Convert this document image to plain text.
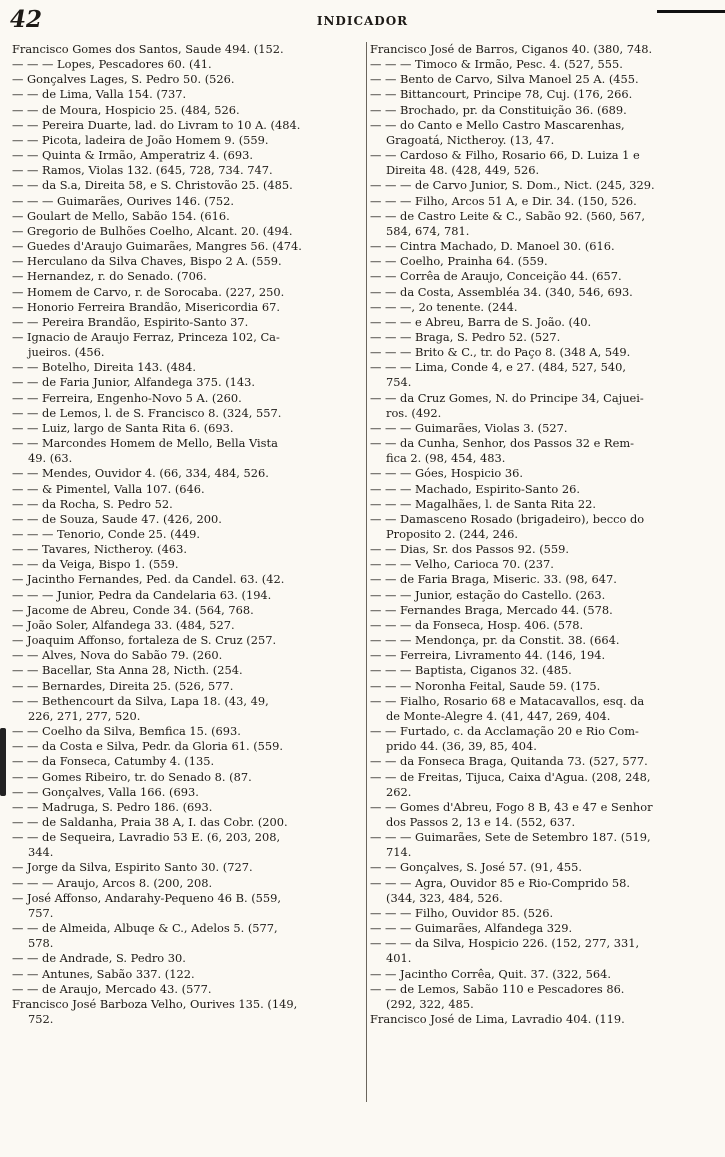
42	INDICADOR

Francisco Gomes dos Santos, Saude 494. (152.

— — — Lopes, Pescadores 60. (41.

— Gonçalves Lages, S. Pedro 50. (526.

— — de Lima, Valla 154. (737.

— — de Moura, Hospicio 25. (484, 526.

— — Pereira Duarte, lad. do Livram to 10 A. (484.

— — Picota, ladeira de João Homem 9. (559.

— — Quinta & Irmão, Amperatriz 4. (693.

— — Ramos, Violas 132. (645, 728, 734. 747.

— — da S.a, Direita 58, e S. Christovão 25. (485.

— — — Guimarães, Ourives 146. (752.

— Goulart de Mello, Sabão 154. (616.

— Gregorio de Bulhões Coelho, Alcant. 20. (494.

— Guedes d'Araujo Guimarães, Mangres 56. (474.

— Herculano da Silva Chaves, Bispo 2 A. (559.

— Hernandez, r. do Senado. (706.

— Homem de Carvo, r. de Sorocaba. (227, 250.

— Honorio Ferreira Brandão, Misericordia 67.

— — Pereira Brandão, Espirito-Santo 37.

— Ignacio de Araujo Ferraz, Princeza 102, Ca-

jueiros. (456.

— — Botelho, Direita 143. (484.

— — de Faria Junior, Alfandega 375. (143.

— — Ferreira, Engenho-Novo 5 A. (260.

— — de Lemos, l. de S. Francisco 8. (324, 557.

— — Luiz, largo de Santa Rita 6. (693.

— — Marcondes Homem de Mello, Bella Vista

49. (63.

— — Mendes, Ouvidor 4. (66, 334, 484, 526.

— — & Pimentel, Valla 107. (646.

— — da Rocha, S. Pedro 52.

— — de Souza, Saude 47. (426, 200.

— — — Tenorio, Conde 25. (449.

— — Tavares, Nictheroy. (463.

— — da Veiga, Bispo 1. (559.

— Jacintho Fernandes, Ped. da Candel. 63. (42.

— — — Junior, Pedra da Candelaria 63. (194.

— Jacome de Abreu, Conde 34. (564, 768.

— João Soler, Alfandega 33. (484, 527.

— Joaquim Affonso, fortaleza de S. Cruz (257.

— — Alves, Nova do Sabão 79. (260.

— — Bacellar, Sta Anna 28, Nicth. (254.

— — Bernardes, Direita 25. (526, 577.

— — Bethencourt da Silva, Lapa 18. (43, 49,

226, 271, 277, 520.

— — Coelho da Silva, Bemfica 15. (693.

— — da Costa e Silva, Pedr. da Gloria 61. (559.

— — da Fonseca, Catumby 4. (135.

— — Gomes Ribeiro, tr. do Senado 8. (87.

— — Gonçalves, Valla 166. (693.

— — Madruga, S. Pedro 186. (693.

— — de Saldanha, Praia 38 A, I. das Cobr. (200.

— — de Sequeira, Lavradio 53 E. (6, 203, 208,

344.

— Jorge da Silva, Espirito Santo 30. (727.

— — — Araujo, Arcos 8. (200, 208.

— José Affonso, Andarahy-Pequeno 46 B. (559,

757.

— — de Almeida, Albuqe & C., Adelos 5. (577,

578.

— — de Andrade, S. Pedro 30.

— — Antunes, Sabão 337. (122.

— — de Araujo, Mercado 43. (577.

Francisco José Barboza Velho, Ourives 135. (149,

752.

Francisco José de Barros, Ciganos 40. (380, 748.

— — — Timoco & Irmão, Pesc. 4. (527, 555.

— — Bento de Carvo, Silva Manoel 25 A. (455.

— — Bittancourt, Principe 78, Cuj. (176, 266.

— — Brochado, pr. da Constituição 36. (689.

— — do Canto e Mello Castro Mascarenhas,

Gragoatá, Nictheroy. (13, 47.

— — Cardoso & Filho, Rosario 66, D. Luiza 1 e

Direita 48. (428, 449, 526.

— — — de Carvo Junior, S. Dom., Nict. (245, 329.

— — — Filho, Arcos 51 A, e Dir. 34. (150, 526.

— — de Castro Leite & C., Sabão 92. (560, 567,

584, 674, 781.

— — Cintra Machado, D. Manoel 30. (616.

— — Coelho, Prainha 64. (559.

— — Corrêa de Araujo, Conceição 44. (657.

— — da Costa, Assembléa 34. (340, 546, 693.

— — —, 2o tenente. (244.

— — — e Abreu, Barra de S. João. (40.

— — — Braga, S. Pedro 52. (527.

— — — Brito & C., tr. do Paço 8. (348 A, 549.

— — — Lima, Conde 4, e 27. (484, 527, 540,

754.

— — da Cruz Gomes, N. do Principe 34, Cajuei-

ros. (492.

— — — Guimarães, Violas 3. (527.

— — da Cunha, Senhor, dos Passos 32 e Rem-

fica 2. (98, 454, 483.

— — — Góes, Hospicio 36.

— — — Machado, Espirito-Santo 26.

— — — Magalhães, l. de Santa Rita 22.

— — Damasceno Rosado (brigadeiro), becco do

Proposito 2. (244, 246.

— — Dias, Sr. dos Passos 92. (559.

— — — Velho, Carioca 70. (237.

— — de Faria Braga, Miseric. 33. (98, 647.

— — — Junior, estação do Castello. (263.

— — Fernandes Braga, Mercado 44. (578.

— — — da Fonseca, Hosp. 406. (578.

— — — Mendonça, pr. da Constit. 38. (664.

— — Ferreira, Livramento 44. (146, 194.

— — — Baptista, Ciganos 32. (485.

— — — Noronha Feital, Saude 59. (175.

— — Fialho, Rosario 68 e Matacavallos, esq. da

de Monte-Alegre 4. (41, 447, 269, 404.

— — Furtado, c. da Acclamação 20 e Rio Com-

prido 44. (36, 39, 85, 404.

— — da Fonseca Braga, Quitanda 73. (527, 577.

— — de Freitas, Tijuca, Caixa d'Agua. (208, 248,

262.

— — Gomes d'Abreu, Fogo 8 B, 43 e 47 e Senhor

dos Passos 2, 13 e 14. (552, 637.

— — — Guimarães, Sete de Setembro 187. (519,

714.

— — Gonçalves, S. José 57. (91, 455.

— — — Agra, Ouvidor 85 e Rio-Comprido 58.

(344, 323, 484, 526.

— — — Filho, Ouvidor 85. (526.

— — — Guimarães, Alfandega 329.

— — — da Silva, Hospicio 226. (152, 277, 331,

401.

— — Jacintho Corrêa, Quit. 37. (322, 564.

— — de Lemos, Sabão 110 e Pescadores 86.

(292, 322, 485.

Francisco José de Lima, Lavradio 404. (119.
